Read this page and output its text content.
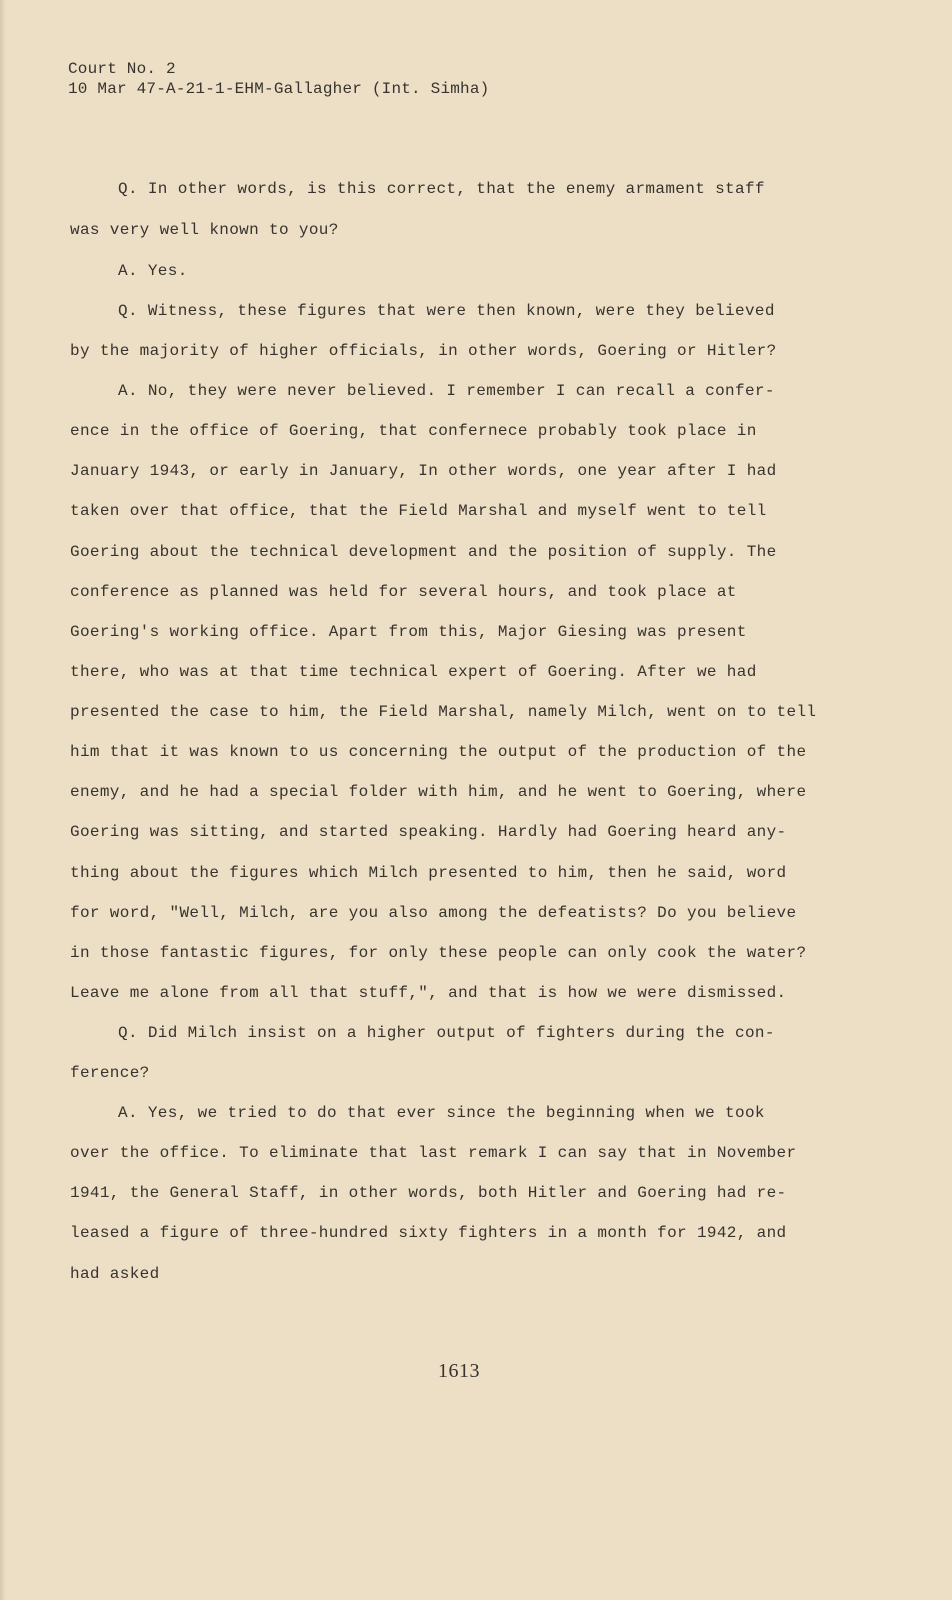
Court No. 2
10 Mar 47-A-21-1-EHM-Gallagher (Int. Simha)
Q. In other words, is this correct, that the enemy armament staff
was very well known to you?
A. Yes.
Q. Witness, these figures that were then known, were they believed
by the majority of higher officials, in other words, Goering or Hitler?
A. No, they were never believed. I remember I can recall a confer-
ence in the office of Goering, that confernece probably took place in
January 1943, or early in January, In other words, one year after I had
taken over that office, that the Field Marshal and myself went to tell
Goering about the technical development and the position of supply. The
conference as planned was held for several hours, and took place at
Goering's working office. Apart from this, Major Giesing was present
there, who was at that time technical expert of Goering. After we had
presented the case to him, the Field Marshal, namely Milch, went on to tell
him that it was known to us concerning the output of the production of the
enemy, and he had a special folder with him, and he went to Goering, where
Goering was sitting, and started speaking. Hardly had Goering heard any-
thing about the figures which Milch presented to him, then he said, word
for word, "Well, Milch, are you also among the defeatists? Do you believe
in those fantastic figures, for only these people can only cook the water?
Leave me alone from all that stuff,", and that is how we were dismissed.
Q. Did Milch insist on a higher output of fighters during the con-
ference?
A. Yes, we tried to do that ever since the beginning when we took
over the office. To eliminate that last remark I can say that in November
1941, the General Staff, in other words, both Hitler and Goering had re-
leased a figure of three-hundred sixty fighters in a month for 1942, and
had asked
1613
